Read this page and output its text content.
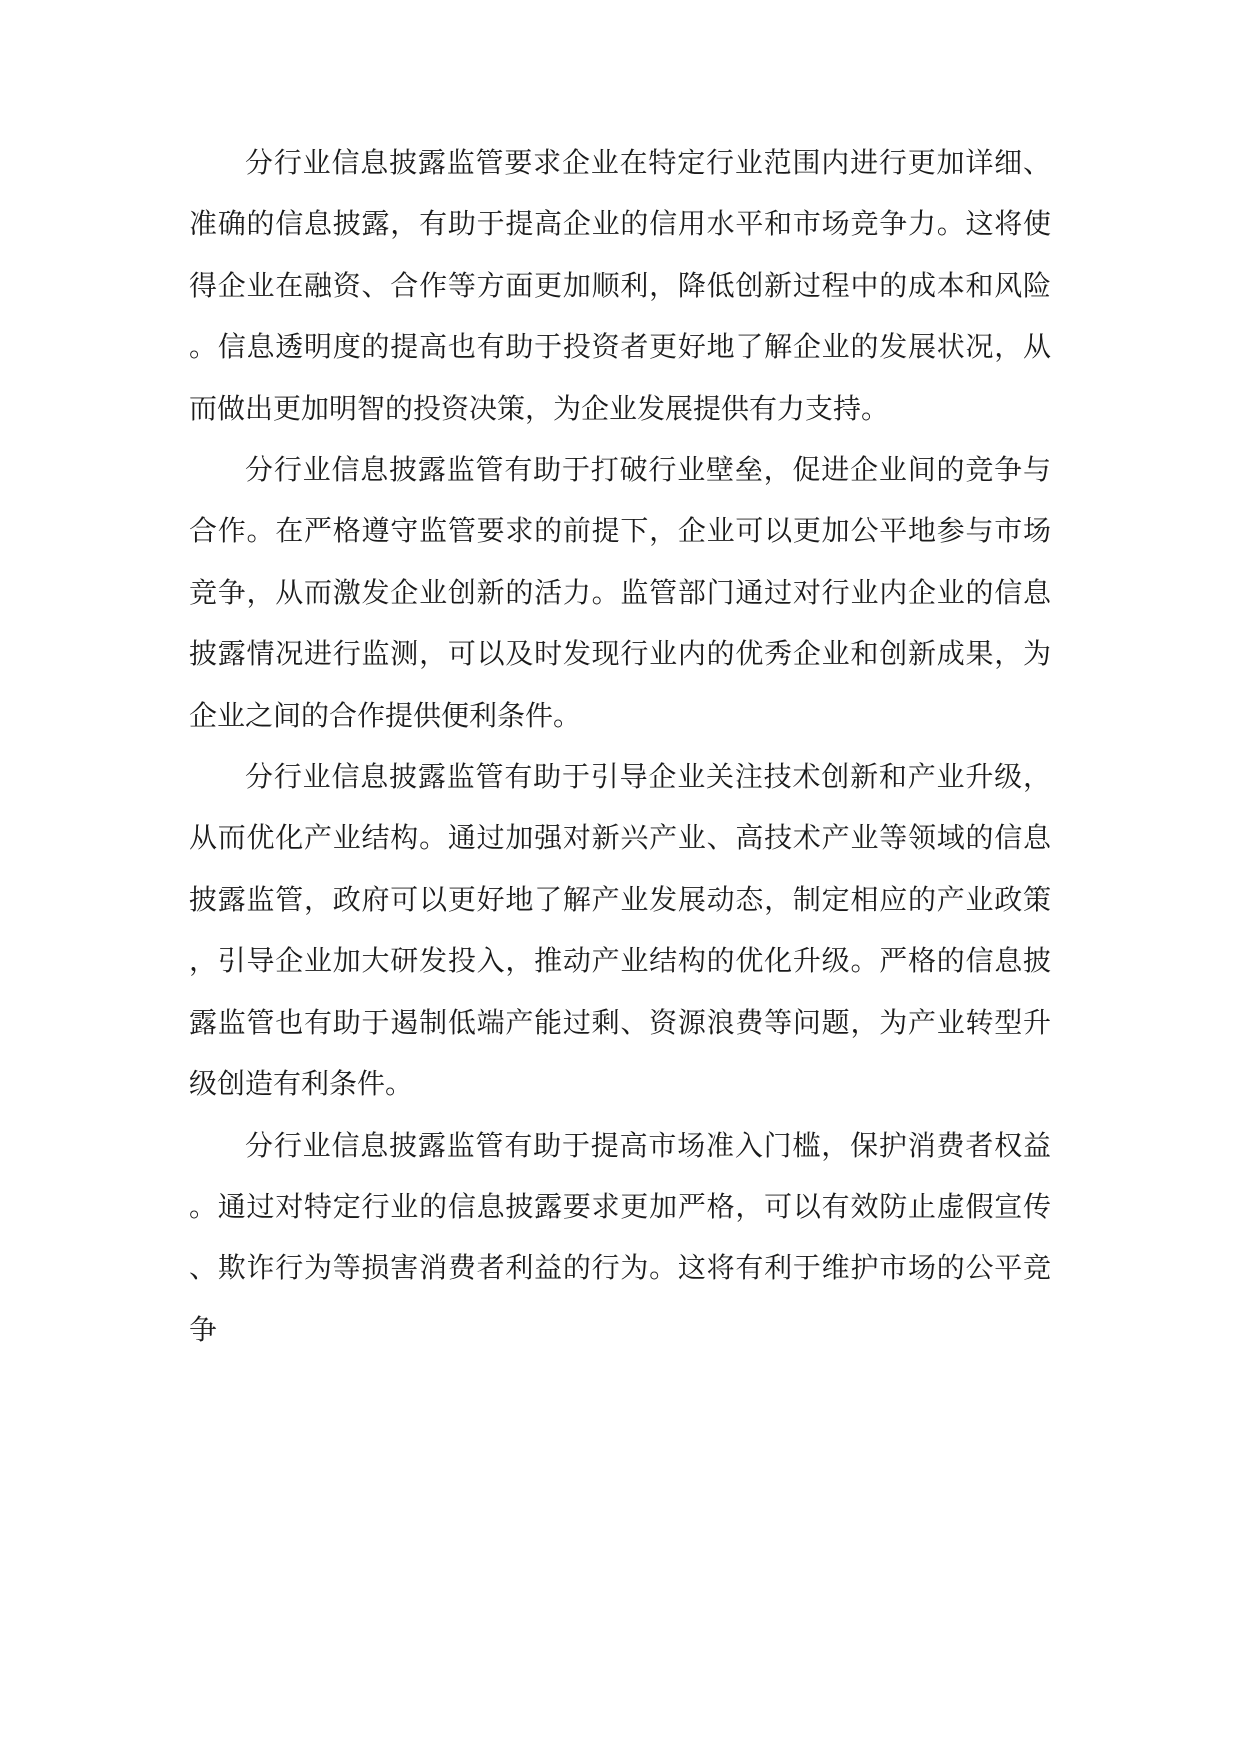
分行业信息披露监管要求企业在特定行业范围内进行更加详细、准确的信息披露，有助于提高企业的信用水平和市场竞争力。这将使得企业在融资、合作等方面更加顺利，降低创新过程中的成本和风险。信息透明度的提高也有助于投资者更好地了解企业的发展状况，从而做出更加明智的投资决策，为企业发展提供有力支持。

分行业信息披露监管有助于打破行业壁垒，促进企业间的竞争与合作。在严格遵守监管要求的前提下，企业可以更加公平地参与市场竞争，从而激发企业创新的活力。监管部门通过对行业内企业的信息披露情况进行监测，可以及时发现行业内的优秀企业和创新成果，为企业之间的合作提供便利条件。

分行业信息披露监管有助于引导企业关注技术创新和产业升级，从而优化产业结构。通过加强对新兴产业、高技术产业等领域的信息披露监管，政府可以更好地了解产业发展动态，制定相应的产业政策，引导企业加大研发投入，推动产业结构的优化升级。严格的信息披露监管也有助于遏制低端产能过剩、资源浪费等问题，为产业转型升级创造有利条件。

分行业信息披露监管有助于提高市场准入门槛，保护消费者权益。通过对特定行业的信息披露要求更加严格，可以有效防止虚假宣传、欺诈行为等损害消费者利益的行为。这将有利于维护市场的公平竞争
